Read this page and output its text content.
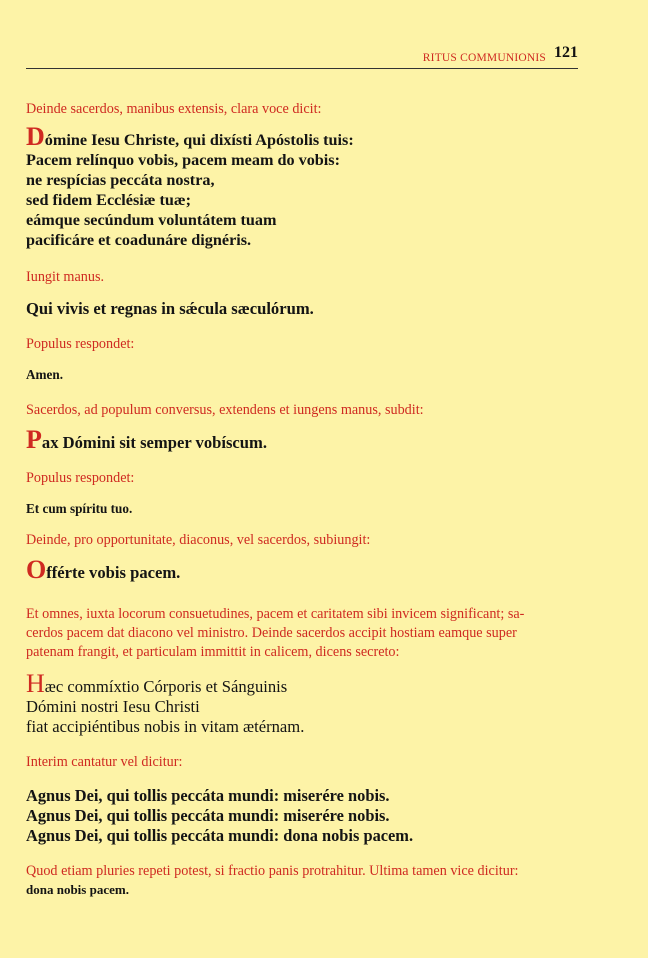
$_{RITUS COMMUNIONIS}$ 121

Deinde sacerdos, manibus extensis, clara voce dicit:

Dómine Iesu Christe, qui dixísti Apóstolis tuis:
Pacem relínquo vobis, pacem meam do vobis:
ne respícias peccáta nostra,
sed fidem Ecclésiæ tuæ;
eámque secúndum voluntátem tuam
pacificáre et coadunáre dignéris.

Iungit manus.

Qui vivis et regnas in sǽcula sæculórum.

Populus respondet:

Amen.

Sacerdos, ad populum conversus, extendens et iungens manus, subdit:

Pax Dómini sit semper vobíscum.

Populus respondet:

Et cum spíritu tuo.

Deinde, pro opportunitate, diaconus, vel sacerdos, subiungit:

Offérte vobis pacem.

Et omnes, iuxta locorum consuetudines, pacem et caritatem sibi invicem significant; sa-
cerdos pacem dat diacono vel ministro. Deinde sacerdos accipit hostiam eamque super
patenam frangit, et particulam immittit in calicem, dicens secreto:

Hæc commíxtio Córporis et Sánguinis
Dómini nostri Iesu Christi
fiat accipiéntibus nobis in vitam ætérnam.

Interim cantatur vel dicitur:

Agnus Dei, qui tollis peccáta mundi: miserére nobis.
Agnus Dei, qui tollis peccáta mundi: miserére nobis.
Agnus Dei, qui tollis peccáta mundi: dona nobis pacem.

Quod etiam pluries repeti potest, si fractio panis protrahitur. Ultima tamen vice dicitur:

dona nobis pacem.
